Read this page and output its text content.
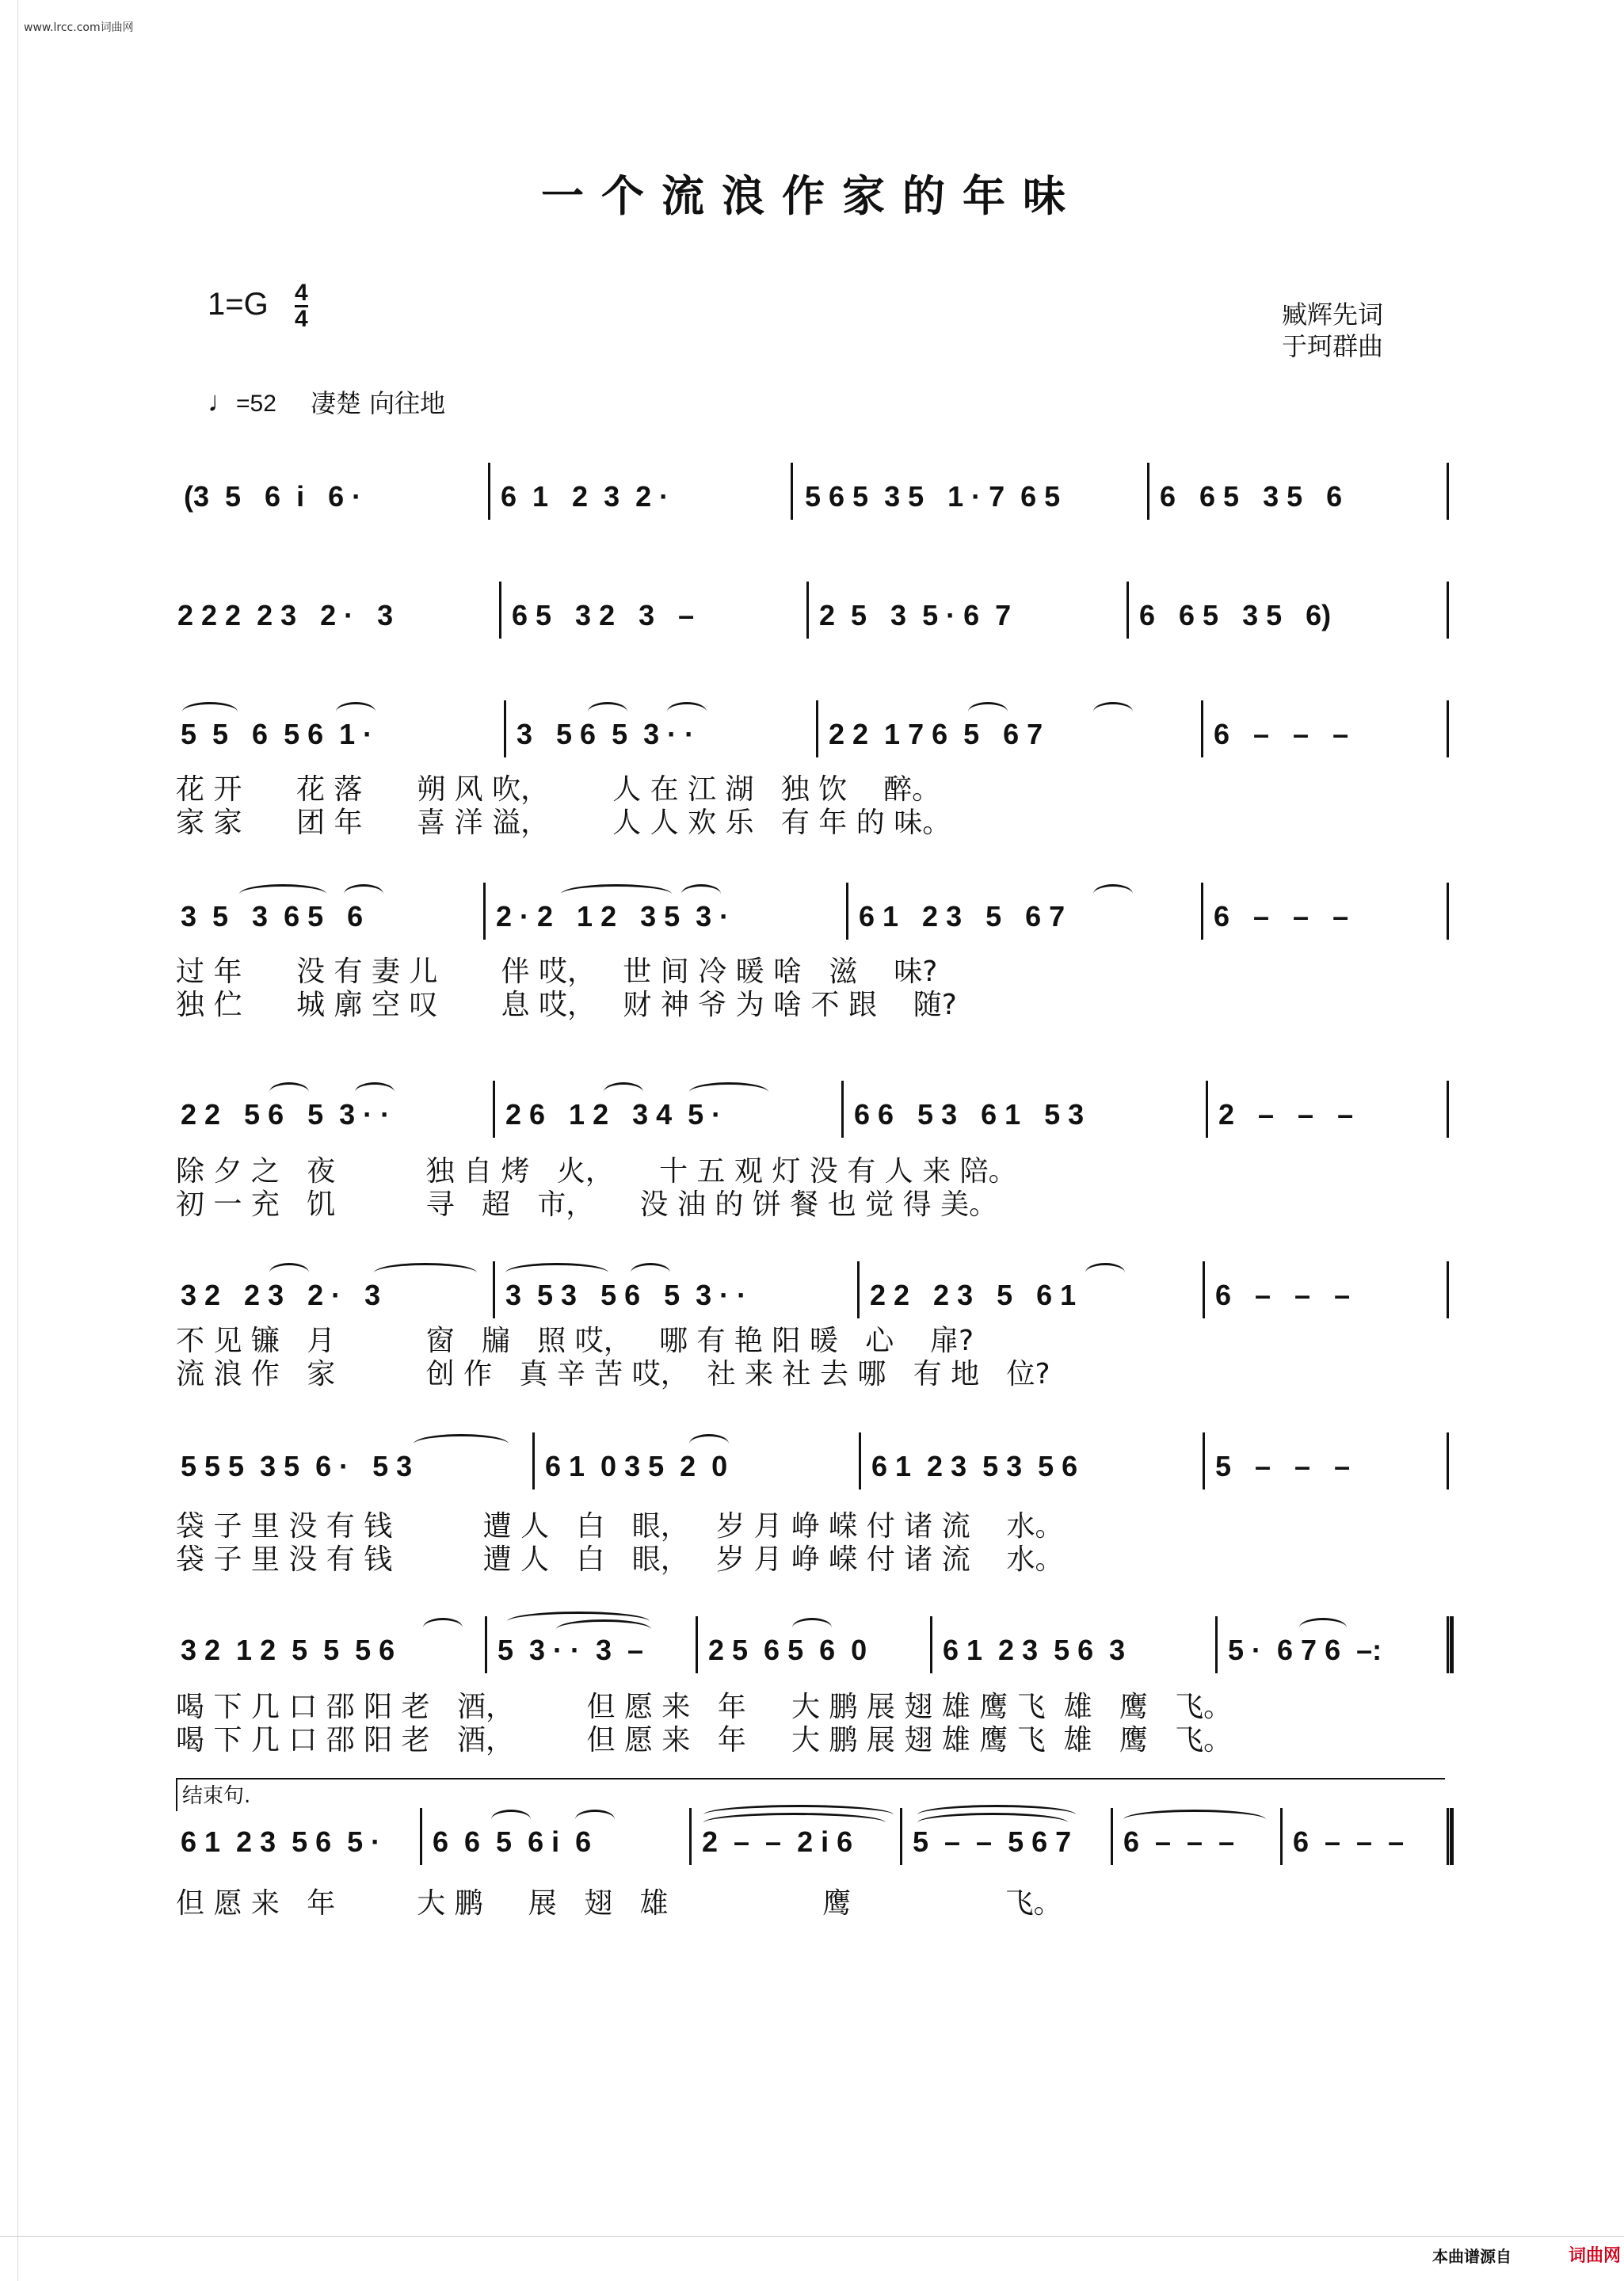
www.lrcc.com词曲网
一个流浪作家的年味
1=G 4
4	臧辉先词
于珂群曲
♩=52 凄楚 向往地
(3  5   6  i   6 ·	6  1   2  3  2 ·	5 6 5  3 5   1 · 7  6 5	6   6 5   3 5   6
2 2 2  2 3   2 ·   3	6 5   3 2   3   –	2  5   3  5 · 6  7	6   6 5   3 5   6)
5  5   6  5 6  1 ·	3   5 6  5  3 · ·	2 2  1 7 6  5   6 7	6   –   –   –
花 开      花 落      朔 风 吹，       人 在 江 湖   独 饮    醉。
家 家      团 年      喜 洋 溢，       人 人 欢 乐   有 年 的 味。
3  5   3  6 5   6	2 · 2   1 2   3 5  3 ·	6 1   2 3   5   6 7	6   –   –   –
过 年      没 有 妻 儿       伴 哎，   世 间 冷 暖 啥   滋    味?
独 伫      城 廓 空 叹       息 哎，   财 神 爷 为 啥 不 跟    随?
2 2   5 6   5  3 · ·	2 6   1 2   3 4  5 ·	6 6   5 3   6 1   5 3	2   –   –   –
除 夕 之   夜          独 自 烤   火，     十 五 观 灯 没 有 人 来 陪。
初 一 充   饥          寻   超   市，     没 油 的 饼 餐 也 觉 得 美。
3 2   2 3   2 ·   3	3  5 3   5 6   5  3 · ·	2 2   2 3   5   6 1	6   –   –   –
不 见 镰   月          窗   牖   照 哎，   哪 有 艳 阳 暖   心    扉?
流 浪 作   家          创 作   真 辛 苦 哎，  社 来 社 去 哪   有 地   位?
5 5 5  3 5  6 ·   5 3	6 1  0 3 5  2  0	6 1  2 3  5 3  5 6	5   –   –   –
袋 子 里 没 有 钱          遭 人   白   眼，   岁 月 峥 嵘 付 诸 流    水。
袋 子 里 没 有 钱          遭 人   白   眼，   岁 月 峥 嵘 付 诸 流    水。
3 2  1 2  5  5  5 6	5  3 · ·  3  – 2 5  6 5  6  0	6 1  2 3  5 6  3	5 ·  6 7 6  –:
喝 下 几 口 邵 阳 老   酒，        但 愿 来   年     大 鹏 展 翅 雄 鹰 飞  雄   鹰   飞。
喝 下 几 口 邵 阳 老   酒，        但 愿 来   年     大 鹏 展 翅 雄 鹰 飞  雄   鹰   飞。
结束句.
6 1  2 3  5 6  5 · 6  6  5  6 i  6	2  –  –  2 i 6 5  –  –  5 6 7 6  –  –  – 6  –  –  –
但 愿 来   年         大 鹏     展   翅   雄                 鹰                 飞。
本曲谱源自	词曲网
